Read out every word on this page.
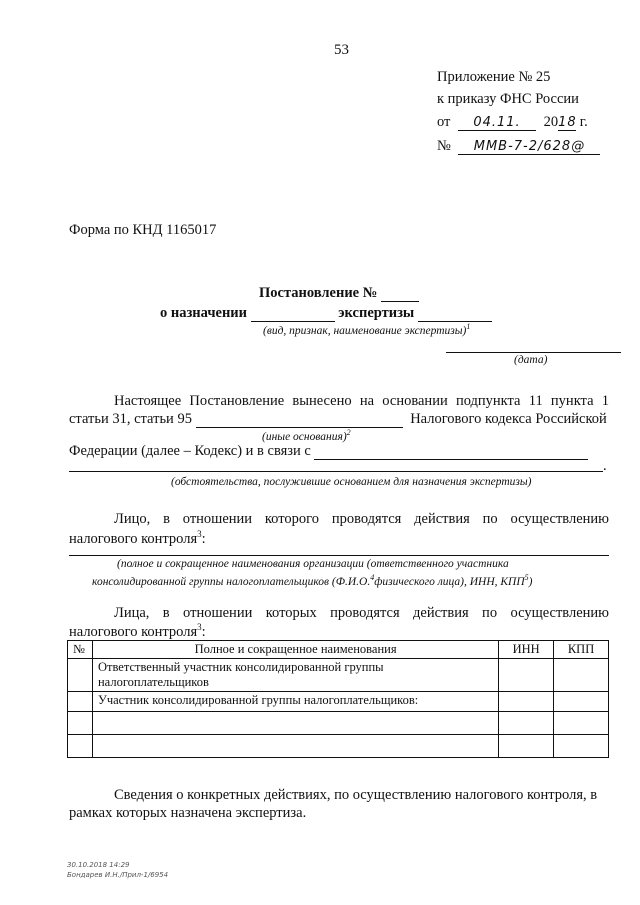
53
Приложение № 25
к приказу ФНС России
от 04.11. 2018 г.
№ ММВ-7-2/628@
Форма по КНД 1165017
Постановление №
о назначении	экспертизы
(вид, признак, наименование экспертизы)$^1$
(дата)
Настоящее Постановление вынесено на основании подпункта 11 пункта 1
статьи 31, статьи 95	Налогового кодекса Российской
(иные основания)$^2$
Федерации (далее – Кодекс) и в связи с
.
(обстоятельства, послужившие основанием для назначения экспертизы)
Лицо, в отношении которого проводятся действия по осуществлению
налогового контроля$^3$:
(полное и сокращенное наименования организации (ответственного участника
консолидированной группы налогоплательщиков (Ф.И.О.$^4$физического лица), ИНН, КПП$^5$)
Лица, в отношении которых проводятся действия по осуществлению
налогового контроля$^3$:
№	Полное и сокращенное наименования	ИНН	КПП
	Ответственный участник консолидированной группы налогоплательщиков		
	Участник консолидированной группы налогоплательщиков:		

Сведения о конкретных действиях, по осуществлению налогового контроля, в
рамках которых назначена экспертиза.
30.10.2018 14:29
Бондарев И.Н./Прил-1/6954
